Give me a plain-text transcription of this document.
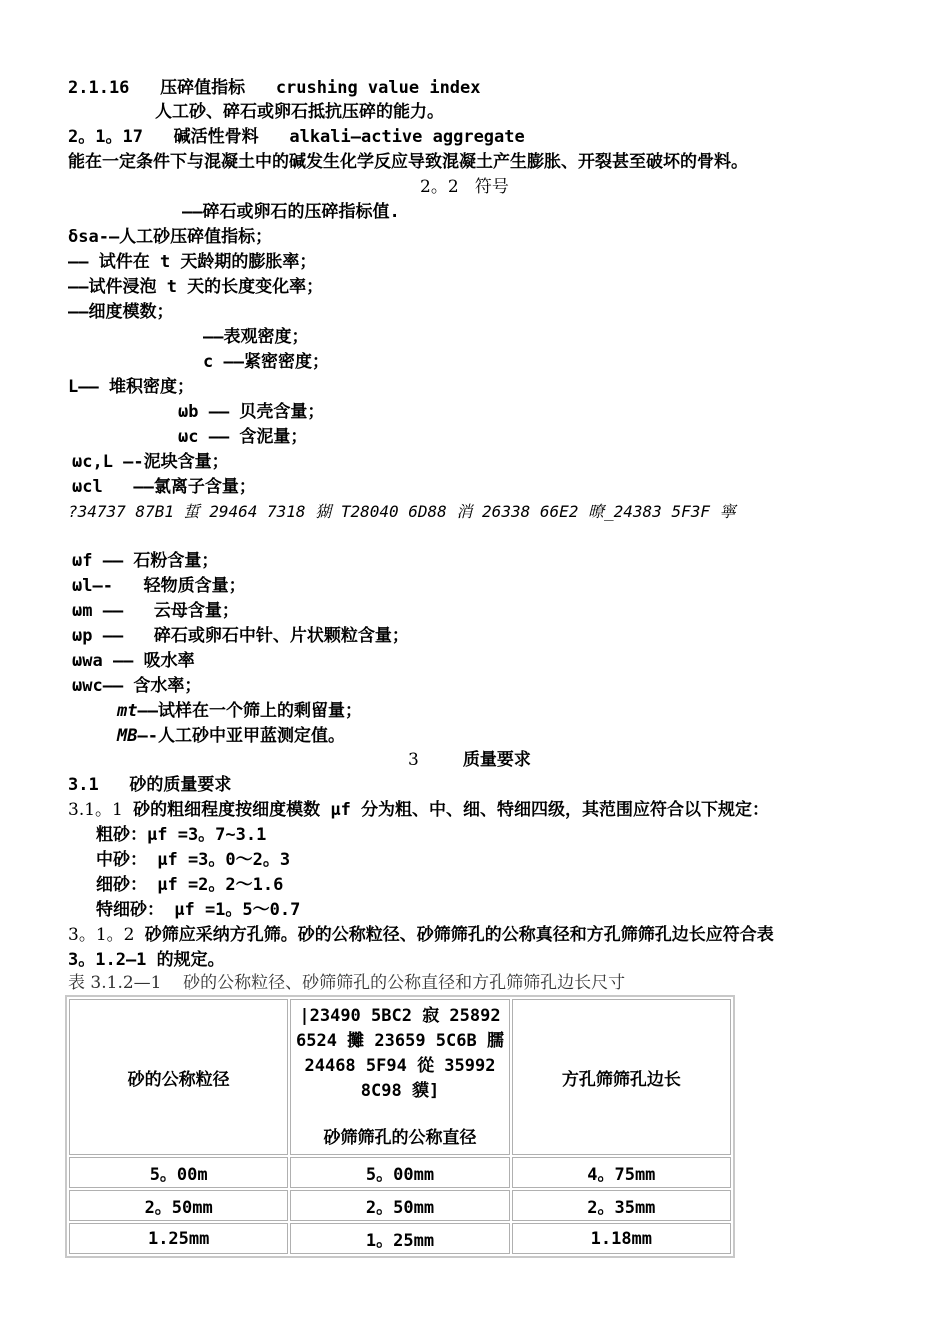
2.1.16   压碎值指标   crushing value index
人工砂、碎石或卵石抵抗压碎的能力。
2。1。17   碱活性骨料   alkali—active aggregate
能在一定条件下与混凝土中的碱发生化学反应导致混凝土产生膨胀、开裂甚至破坏的骨料。
2。2   符号
——碎石或卵石的压碎指标值.
δsa-—人工砂压碎值指标；
—— 试件在 t 天龄期的膨胀率；
——试件浸泡 t 天的长度变化率；
——细度模数；
——表观密度；
c ——紧密密度；
L—— 堆积密度；
ωb —— 贝壳含量；
ωc —— 含泥量；
ωc,L —-泥块含量；
ωcl   ——氯离子含量；
?34737 87B1 蜇 29464 7318 猢 T28040 6D88 消 26338 66E2 暸_24383 5F3F 寧
ωf —— 石粉含量；
ωl—-   轻物质含量；
ωm ——   云母含量；
ωp ——   碎石或卵石中针、片状颗粒含量；
ωwa —— 吸水率
ωwc—— 含水率；
mt——试样在一个筛上的剩留量；
MB—-人工砂中亚甲蓝测定值。
3	质量要求
3.1   砂的质量要求
3.1。1 砂的粗细程度按细度模数 μf 分为粗、中、细、特细四级，其范围应符合以下规定：
粗砂：μf =3。7~3.1
中砂： μf =3。0～2。3
细砂： μf =2。2～1.6
特细砂： μf =1。5～0.7
3。1。2 砂筛应采纳方孔筛。砂的公称粒径、砂筛筛孔的公称真径和方孔筛筛孔边长应符合表
3。1.2—1 的规定。
表 3.1.2—1    砂的公称粒径、砂筛筛孔的公称直径和方孔筛筛孔边长尺寸
砂的公称粒径	|23490 5BC2 寂 25892
6524 攤 23659 5C6B 臑
24468 5F94 從 35992
8C98 貘]
砂筛筛孔的公称直径	方孔筛筛孔边长
5。00m	5。00mm	4。75mm
2。50mm	2。50mm	2。35mm
1.25mm	1。25mm	1.18mm
